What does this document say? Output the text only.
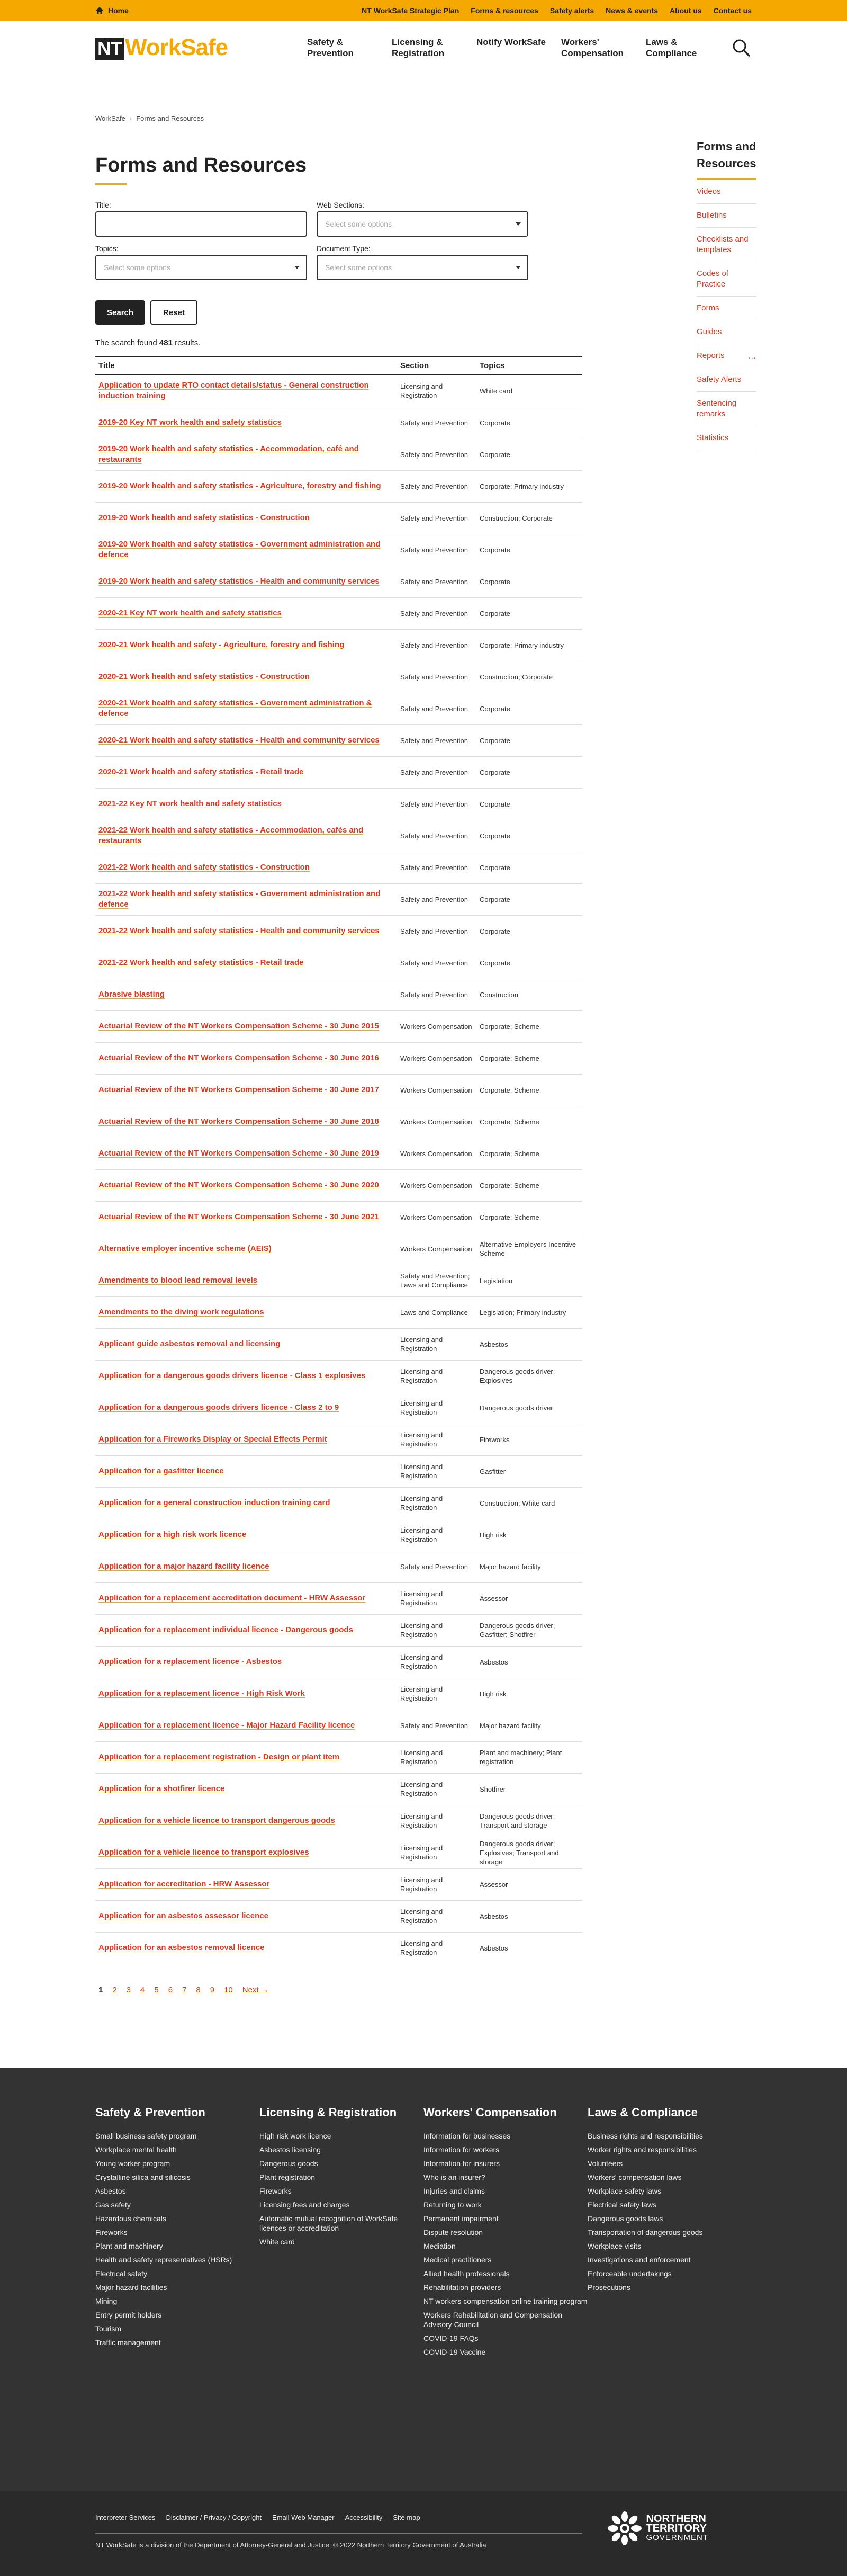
Home	NT WorkSafe Strategic Plan Forms & resources Safety alerts News & events About us Contact us
NT WorkSafe	Safety & Prevention
Licensing & Registration
Notify WorkSafe	Workers' Compensation
Laws & Compliance
WorkSafe › Forms and Resources
Forms and Resources
Title:	Web Sections:
Select some options
Topics:
Select some options
Document Type:
Select some options
Search	Reset
The search found 481 results.
Title	Section	Topics
Application to update RTO contact details/status - General construction induction training	Licensing and Registration	White card
2019-20 Key NT work health and safety statistics	Safety and Prevention	Corporate
2019-20 Work health and safety statistics - Accommodation, café and restaurants	Safety and Prevention	Corporate
2019-20 Work health and safety statistics - Agriculture, forestry and fishing	Safety and Prevention	Corporate; Primary industry
2019-20 Work health and safety statistics - Construction	Safety and Prevention	Construction; Corporate
2019-20 Work health and safety statistics - Government administration and defence	Safety and Prevention	Corporate
2019-20 Work health and safety statistics - Health and community services	Safety and Prevention	Corporate
2020-21 Key NT work health and safety statistics	Safety and Prevention	Corporate
2020-21 Work health and safety - Agriculture, forestry and fishing	Safety and Prevention	Corporate; Primary industry
2020-21 Work health and safety statistics - Construction	Safety and Prevention	Construction; Corporate
2020-21 Work health and safety statistics - Government administration & defence	Safety and Prevention	Corporate
2020-21 Work health and safety statistics - Health and community services	Safety and Prevention	Corporate
2020-21 Work health and safety statistics - Retail trade	Safety and Prevention	Corporate
2021-22 Key NT work health and safety statistics	Safety and Prevention	Corporate
2021-22 Work health and safety statistics - Accommodation, cafés and restaurants	Safety and Prevention	Corporate
2021-22 Work health and safety statistics - Construction	Safety and Prevention	Corporate
2021-22 Work health and safety statistics - Government administration and defence	Safety and Prevention	Corporate
2021-22 Work health and safety statistics - Health and community services	Safety and Prevention	Corporate
2021-22 Work health and safety statistics - Retail trade	Safety and Prevention	Corporate
Abrasive blasting	Safety and Prevention	Construction
Actuarial Review of the NT Workers Compensation Scheme - 30 June 2015	Workers Compensation	Corporate; Scheme
Actuarial Review of the NT Workers Compensation Scheme - 30 June 2016	Workers Compensation	Corporate; Scheme
Actuarial Review of the NT Workers Compensation Scheme - 30 June 2017	Workers Compensation	Corporate; Scheme
Actuarial Review of the NT Workers Compensation Scheme - 30 June 2018	Workers Compensation	Corporate; Scheme
Actuarial Review of the NT Workers Compensation Scheme - 30 June 2019	Workers Compensation	Corporate; Scheme
Actuarial Review of the NT Workers Compensation Scheme - 30 June 2020	Workers Compensation	Corporate; Scheme
Actuarial Review of the NT Workers Compensation Scheme - 30 June 2021	Workers Compensation	Corporate; Scheme
Alternative employer incentive scheme (AEIS)	Workers Compensation	Alternative Employers Incentive Scheme
Amendments to blood lead removal levels	Safety and Prevention; Laws and Compliance	Legislation
Amendments to the diving work regulations	Laws and Compliance	Legislation; Primary industry
Applicant guide asbestos removal and licensing	Licensing and Registration	Asbestos
Application for a dangerous goods drivers licence - Class 1 explosives	Licensing and Registration	Dangerous goods driver; Explosives
Application for a dangerous goods drivers licence - Class 2 to 9	Licensing and Registration	Dangerous goods driver
Application for a Fireworks Display or Special Effects Permit	Licensing and Registration	Fireworks
Application for a gasfitter licence	Licensing and Registration	Gasfitter
Application for a general construction induction training card	Licensing and Registration	Construction; White card
Application for a high risk work licence	Licensing and Registration	High risk
Application for a major hazard facility licence	Safety and Prevention	Major hazard facility
Application for a replacement accreditation document - HRW Assessor	Licensing and Registration	Assessor
Application for a replacement individual licence - Dangerous goods	Licensing and Registration	Dangerous goods driver; Gasfitter; Shotfirer
Application for a replacement licence - Asbestos	Licensing and Registration	Asbestos
Application for a replacement licence - High Risk Work	Licensing and Registration	High risk
Application for a replacement licence - Major Hazard Facility licence	Safety and Prevention	Major hazard facility
Application for a replacement registration - Design or plant item	Licensing and Registration	Plant and machinery; Plant registration
Application for a shotfirer licence	Licensing and Registration	Shotfirer
Application for a vehicle licence to transport dangerous goods	Licensing and Registration	Dangerous goods driver; Transport and storage
Application for a vehicle licence to transport explosives	Licensing and Registration	Dangerous goods driver; Explosives; Transport and storage
Application for accreditation - HRW Assessor	Licensing and Registration	Assessor
Application for an asbestos assessor licence	Licensing and Registration	Asbestos
Application for an asbestos removal licence	Licensing and Registration	Asbestos
1 2 3 4 5 6 7 8 9 10 Next →
Forms and Resources
Videos
Bulletins
Checklists and templates
Codes of Practice
Forms
Guides
Reports	...
Safety Alerts
Sentencing remarks
Statistics
Safety & Prevention
Small business safety program
Workplace mental health
Young worker program
Crystalline silica and silicosis
Asbestos
Gas safety
Hazardous chemicals
Fireworks
Plant and machinery
Health and safety representatives (HSRs)
Electrical safety
Major hazard facilities
Mining
Entry permit holders
Tourism
Traffic management
Licensing & Registration
High risk work licence
Asbestos licensing
Dangerous goods
Plant registration
Fireworks
Licensing fees and charges
Automatic mutual recognition of WorkSafe licences or accreditation
White card
Workers' Compensation
Information for businesses
Information for workers
Information for insurers
Who is an insurer?
Injuries and claims
Returning to work
Permanent impairment
Dispute resolution
Mediation
Medical practitioners
Allied health professionals
Rehabilitation providers
NT workers compensation online training program
Workers Rehabilitation and Compensation Advisory Council
COVID-19 FAQs
COVID-19 Vaccine
Laws & Compliance
Business rights and responsibilities
Worker rights and responsibilities
Volunteers
Workers' compensation laws
Workplace safety laws
Electrical safety laws
Dangerous goods laws
Transportation of dangerous goods
Workplace visits
Investigations and enforcement
Enforceable undertakings
Prosecutions
Interpreter Services Disclaimer / Privacy / Copyright Email Web Manager Accessibility Site map
NT WorkSafe is a division of the Department of Attorney-General and Justice. © 2022 Northern Territory Government of Australia
NORTHERN
TERRITORY
GOVERNMENT
